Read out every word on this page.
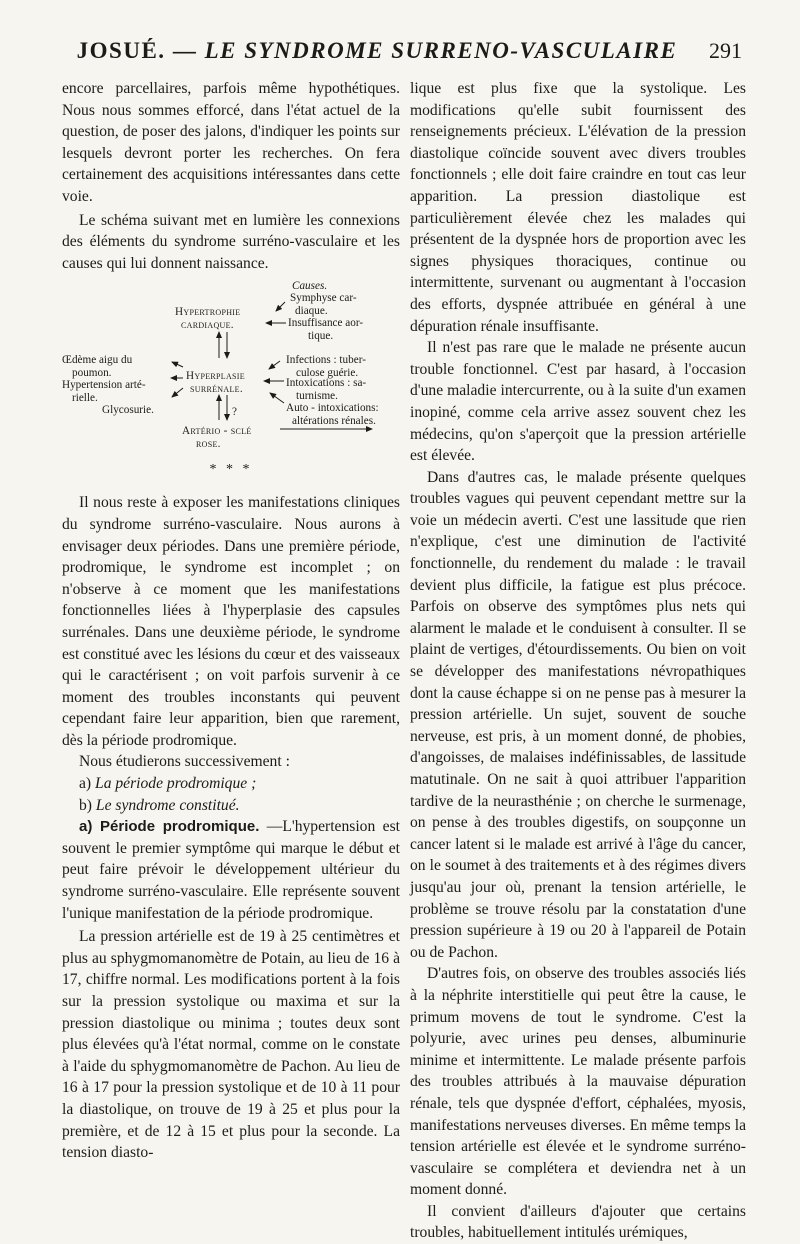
JOSUÉ. — LE SYNDROME SURRENO-VASCULAIRE	291

encore parcellaires, parfois même hypothétiques. Nous nous sommes efforcé, dans l'état actuel de la question, de poser des jalons, d'indiquer les points sur lesquels devront porter les recherches. On fera certainement des acquisitions intéressantes dans cette voie.

Le schéma suivant met en lumière les connexions des éléments du syndrome surréno-vasculaire et les causes qui lui donnent naissance.

Causes.
Hypertrophie
cardiaque.
Symphyse car-
diaque.
Insuffisance aor-
tique.
Hyperplasie
surrénale.
Œdème aigu du
poumon.
Hypertension arté-
rielle.
Glycosurie.
Infections : tuber-
culose guérie.
Intoxications : sa-
turnisme.
Auto - intoxications:
altérations rénales.
?
Artério - sclé
rose.
* * *

Il nous reste à exposer les manifestations cliniques du syndrome surréno-vasculaire. Nous aurons à envisager deux périodes. Dans une première période, prodromique, le syndrome est incomplet ; on n'observe à ce moment que les manifestations fonctionnelles liées à l'hyperplasie des capsules surrénales. Dans une deuxième période, le syndrome est constitué avec les lésions du cœur et des vaisseaux qui le caractérisent ; on voit parfois survenir à ce moment des troubles inconstants qui peuvent cependant faire leur apparition, bien que rarement, dès la période prodromique.

Nous étudierons successivement :

a) La période prodromique ;

b) Le syndrome constitué.

a) Période prodromique. —L'hypertension est souvent le premier symptôme qui marque le début et peut faire prévoir le développement ultérieur du syndrome surréno-vasculaire. Elle représente souvent l'unique manifestation de la période prodromique.

La pression artérielle est de 19 à 25 centimètres et plus au sphygmomanomètre de Potain, au lieu de 16 à 17, chiffre normal. Les modifications portent à la fois sur la pression systolique ou maxima et sur la pression diastolique ou minima ; toutes deux sont plus élevées qu'à l'état normal, comme on le constate à l'aide du sphygmomanomètre de Pachon. Au lieu de 16 à 17 pour la pression systolique et de 10 à 11 pour la diastolique, on trouve de 19 à 25 et plus pour la première, et de 12 à 15 et plus pour la seconde. La tension diasto-

lique est plus fixe que la systolique. Les modifications qu'elle subit fournissent des renseignements précieux. L'élévation de la pression diastolique coïncide souvent avec divers troubles fonctionnels ; elle doit faire craindre en tout cas leur apparition. La pression diastolique est particulièrement élevée chez les malades qui présentent de la dyspnée hors de proportion avec les signes physiques thoraciques, continue ou intermittente, survenant ou augmentant à l'occasion des efforts, dyspnée attribuée en général à une dépuration rénale insuffisante.

Il n'est pas rare que le malade ne présente aucun trouble fonctionnel. C'est par hasard, à l'occasion d'une maladie intercurrente, ou à la suite d'un examen inopiné, comme cela arrive assez souvent chez les médecins, qu'on s'aperçoit que la pression artérielle est élevée.

Dans d'autres cas, le malade présente quelques troubles vagues qui peuvent cependant mettre sur la voie un médecin averti. C'est une lassitude que rien n'explique, c'est une diminution de l'activité fonctionnelle, du rendement du malade : le travail devient plus difficile, la fatigue est plus précoce. Parfois on observe des symptômes plus nets qui alarment le malade et le conduisent à consulter. Il se plaint de vertiges, d'étourdissements. Ou bien on voit se développer des manifestations névropathiques dont la cause échappe si on ne pense pas à mesurer la pression artérielle. Un sujet, souvent de souche nerveuse, est pris, à un moment donné, de phobies, d'angoisses, de malaises indéfinissables, de lassitude matutinale. On ne sait à quoi attribuer l'apparition tardive de la neurasthénie ; on cherche le surmenage, on pense à des troubles digestifs, on soupçonne un cancer latent si le malade est arrivé à l'âge du cancer, on le soumet à des traitements et à des régimes divers jusqu'au jour où, prenant la tension artérielle, le problème se trouve résolu par la constatation d'une pression supérieure à 19 ou 20 à l'appareil de Potain ou de Pachon.

D'autres fois, on observe des troubles associés liés à la néphrite interstitielle qui peut être la cause, le primum movens de tout le syndrome. C'est la polyurie, avec urines peu denses, albuminurie minime et intermittente. Le malade présente parfois des troubles attribués à la mauvaise dépuration rénale, tels que dyspnée d'effort, céphalées, myosis, manifestations nerveuses diverses. En même temps la tension artérielle est élevée et le syndrome surréno-vasculaire se complétera et deviendra net à un moment donné.

Il convient d'ailleurs d'ajouter que certains troubles, habituellement intitulés urémiques,
